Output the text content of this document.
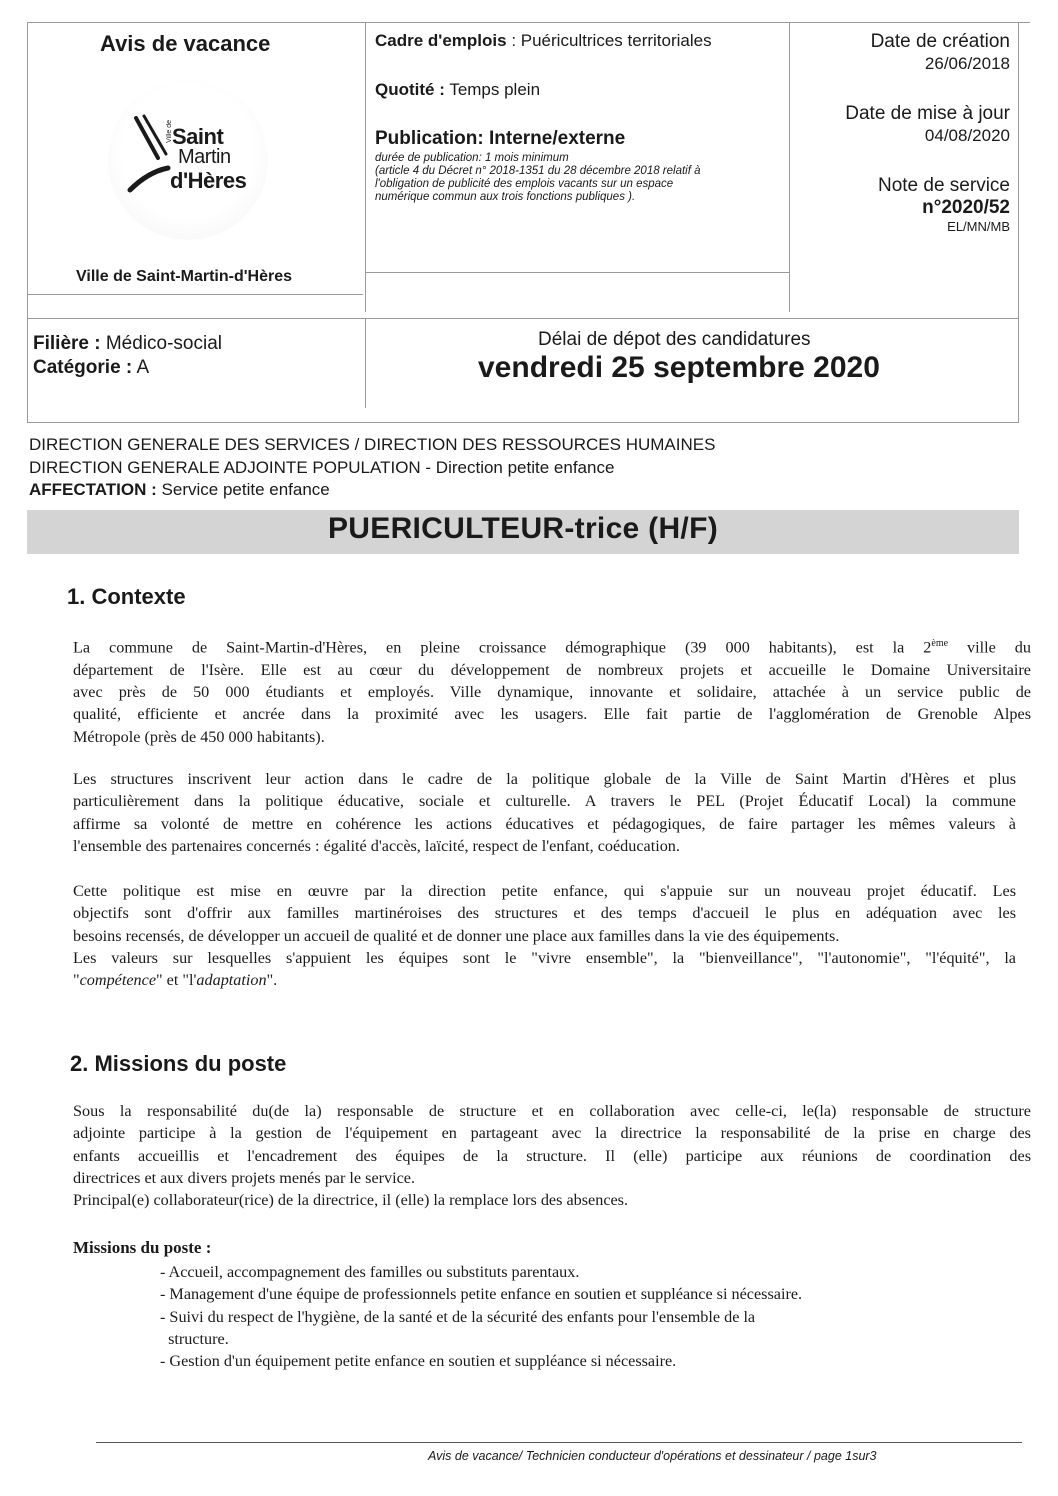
Avis de vacance
Ville de Saint
Martin
d'Hères
Ville de Saint-Martin-d'Hères
Cadre d'emplois : Puéricultrices territoriales
Quotité : Temps plein
Publication: Interne/externe
durée de publication: 1 mois minimum
(article 4 du Décret n° 2018-1351 du 28 décembre 2018 relatif à
l'obligation de publicité des emplois vacants sur un espace
numérique commun aux trois fonctions publiques ).
Date de création
26/06/2018
Date de mise à jour
04/08/2020
Note de service
n°2020/52
EL/MN/MB
Filière : Médico-social
Catégorie : A
Délai de dépot des candidatures
vendredi 25 septembre 2020
DIRECTION GENERALE DES SERVICES / DIRECTION DES RESSOURCES HUMAINES
DIRECTION GENERALE ADJOINTE POPULATION - Direction petite enfance
AFFECTATION : Service petite enfance
PUERICULTEUR-trice (H/F)
1. Contexte
La commune de Saint-Martin-d'Hères, en pleine croissance démographique (39 000 habitants), est la 2ème ville du
département de l'Isère. Elle est au cœur du développement de nombreux projets et accueille le Domaine Universitaire
avec près de 50 000 étudiants et employés. Ville dynamique, innovante et solidaire, attachée à un service public de
qualité, efficiente et ancrée dans la proximité avec les usagers. Elle fait partie de l'agglomération de Grenoble Alpes
Métropole (près de 450 000 habitants).
Les structures inscrivent leur action dans le cadre de la politique globale de la Ville de Saint Martin d'Hères et plus
particulièrement dans la politique éducative, sociale et culturelle. A travers le PEL (Projet Éducatif Local) la commune
affirme sa volonté de mettre en cohérence les actions éducatives et pédagogiques, de faire partager les mêmes valeurs à
l'ensemble des partenaires concernés : égalité d'accès, laïcité, respect de l'enfant, coéducation.
Cette politique est mise en œuvre par la direction petite enfance, qui s'appuie sur un nouveau projet éducatif. Les
objectifs sont d'offrir aux familles martinéroises des structures et des temps d'accueil le plus en adéquation avec les
besoins recensés, de développer un accueil de qualité et de donner une place aux familles dans la vie des équipements.
Les valeurs sur lesquelles s'appuient les équipes sont le "vivre ensemble", la "bienveillance", "l'autonomie", "l'équité", la
"compétence" et "l'adaptation".
2. Missions du poste
Sous la responsabilité du(de la) responsable de structure et en collaboration avec celle-ci, le(la) responsable de structure
adjointe participe à la gestion de l'équipement en partageant avec la directrice la responsabilité de la prise en charge des
enfants accueillis et l'encadrement des équipes de la structure. Il (elle) participe aux réunions de coordination des
directrices et aux divers projets menés par le service.
Principal(e) collaborateur(rice) de la directrice, il (elle) la remplace lors des absences.
Missions du poste :
- Accueil, accompagnement des familles ou substituts parentaux.
- Management d'une équipe de professionnels petite enfance en soutien et suppléance si nécessaire.
- Suivi du respect de l'hygiène, de la santé et de la sécurité des enfants pour l'ensemble de la
structure.
- Gestion d'un équipement petite enfance en soutien et suppléance si nécessaire.
Avis de vacance/ Technicien conducteur d'opérations et dessinateur / page 1sur3
